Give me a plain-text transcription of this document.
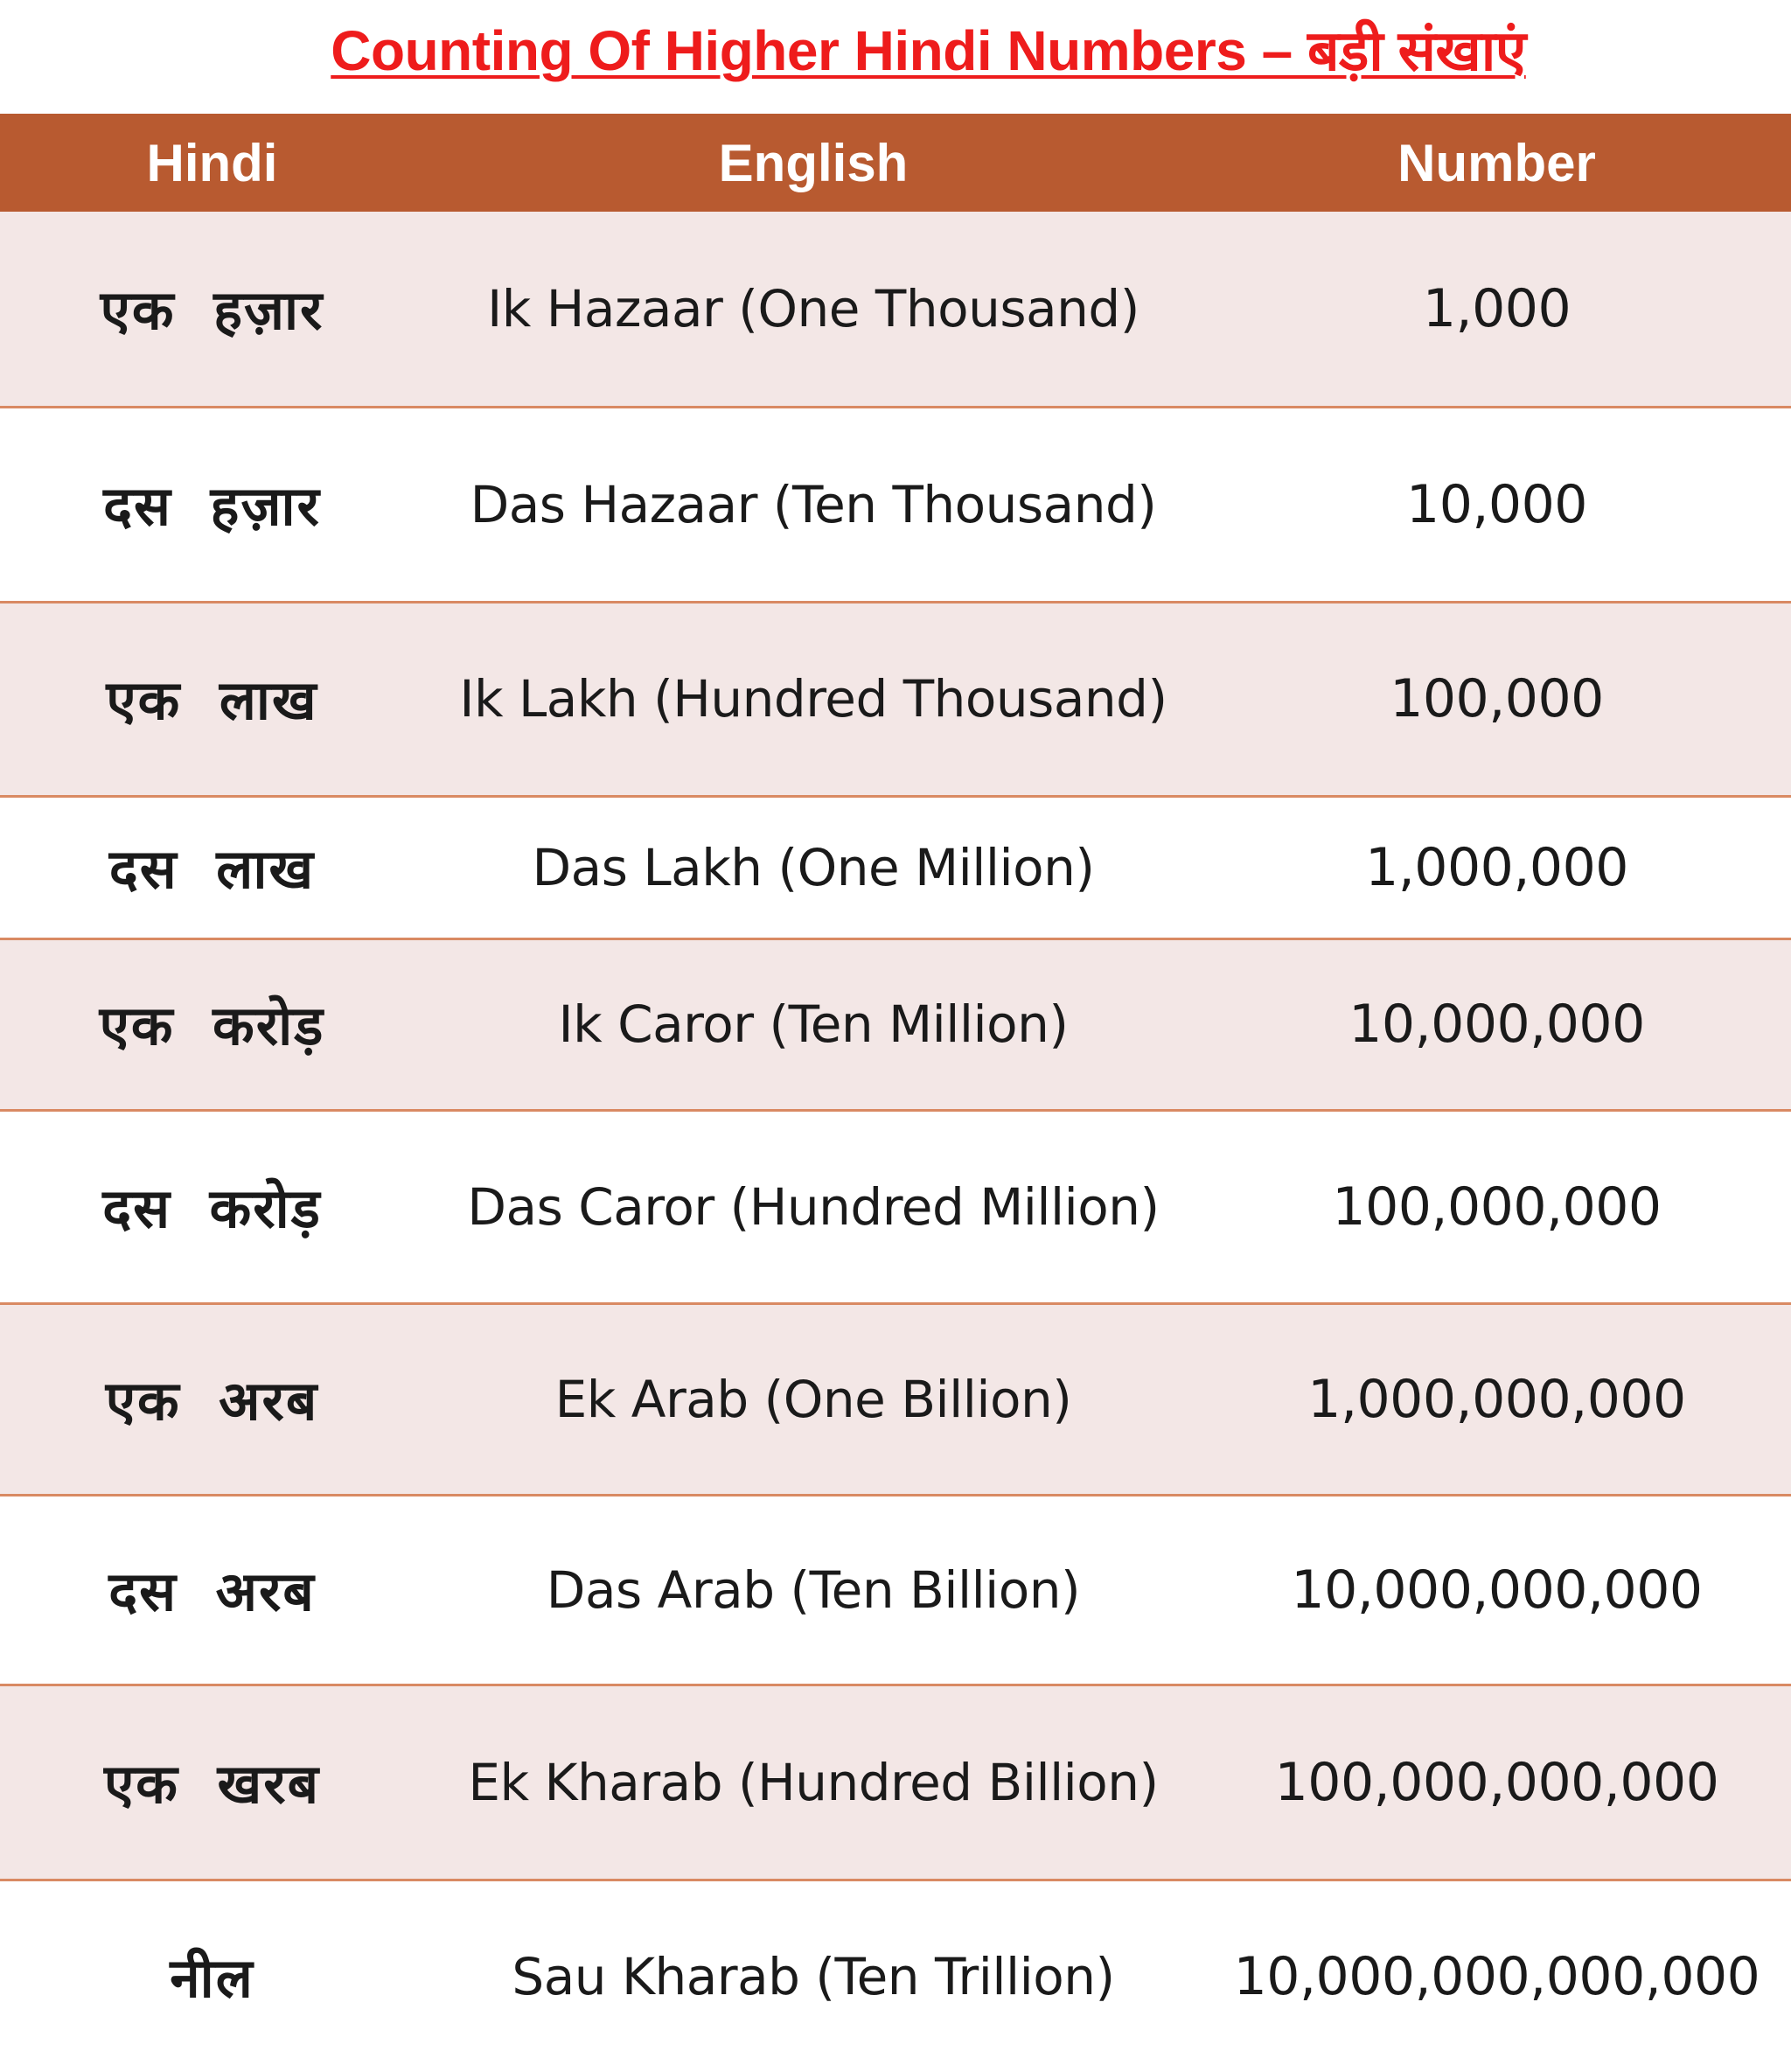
Counting Of Higher Hindi Numbers – बड़ी संखाएं
Hindi	English	Number
एक हज़ार	Ik Hazaar (One Thousand)	1,000
दस हज़ार	Das Hazaar (Ten Thousand)	10,000
एक लाख	Ik Lakh (Hundred Thousand)	100,000
दस लाख	Das Lakh (One Million)	1,000,000
एक करोड़	Ik Caror (Ten Million)	10,000,000
दस करोड़	Das Caror (Hundred Million)	100,000,000
एक अरब	Ek Arab (One Billion)	1,000,000,000
दस अरब	Das Arab (Ten Billion)	10,000,000,000
एक खरब	Ek Kharab (Hundred Billion)	100,000,000,000
नील	Sau Kharab (Ten Trillion)	10,000,000,000,000
